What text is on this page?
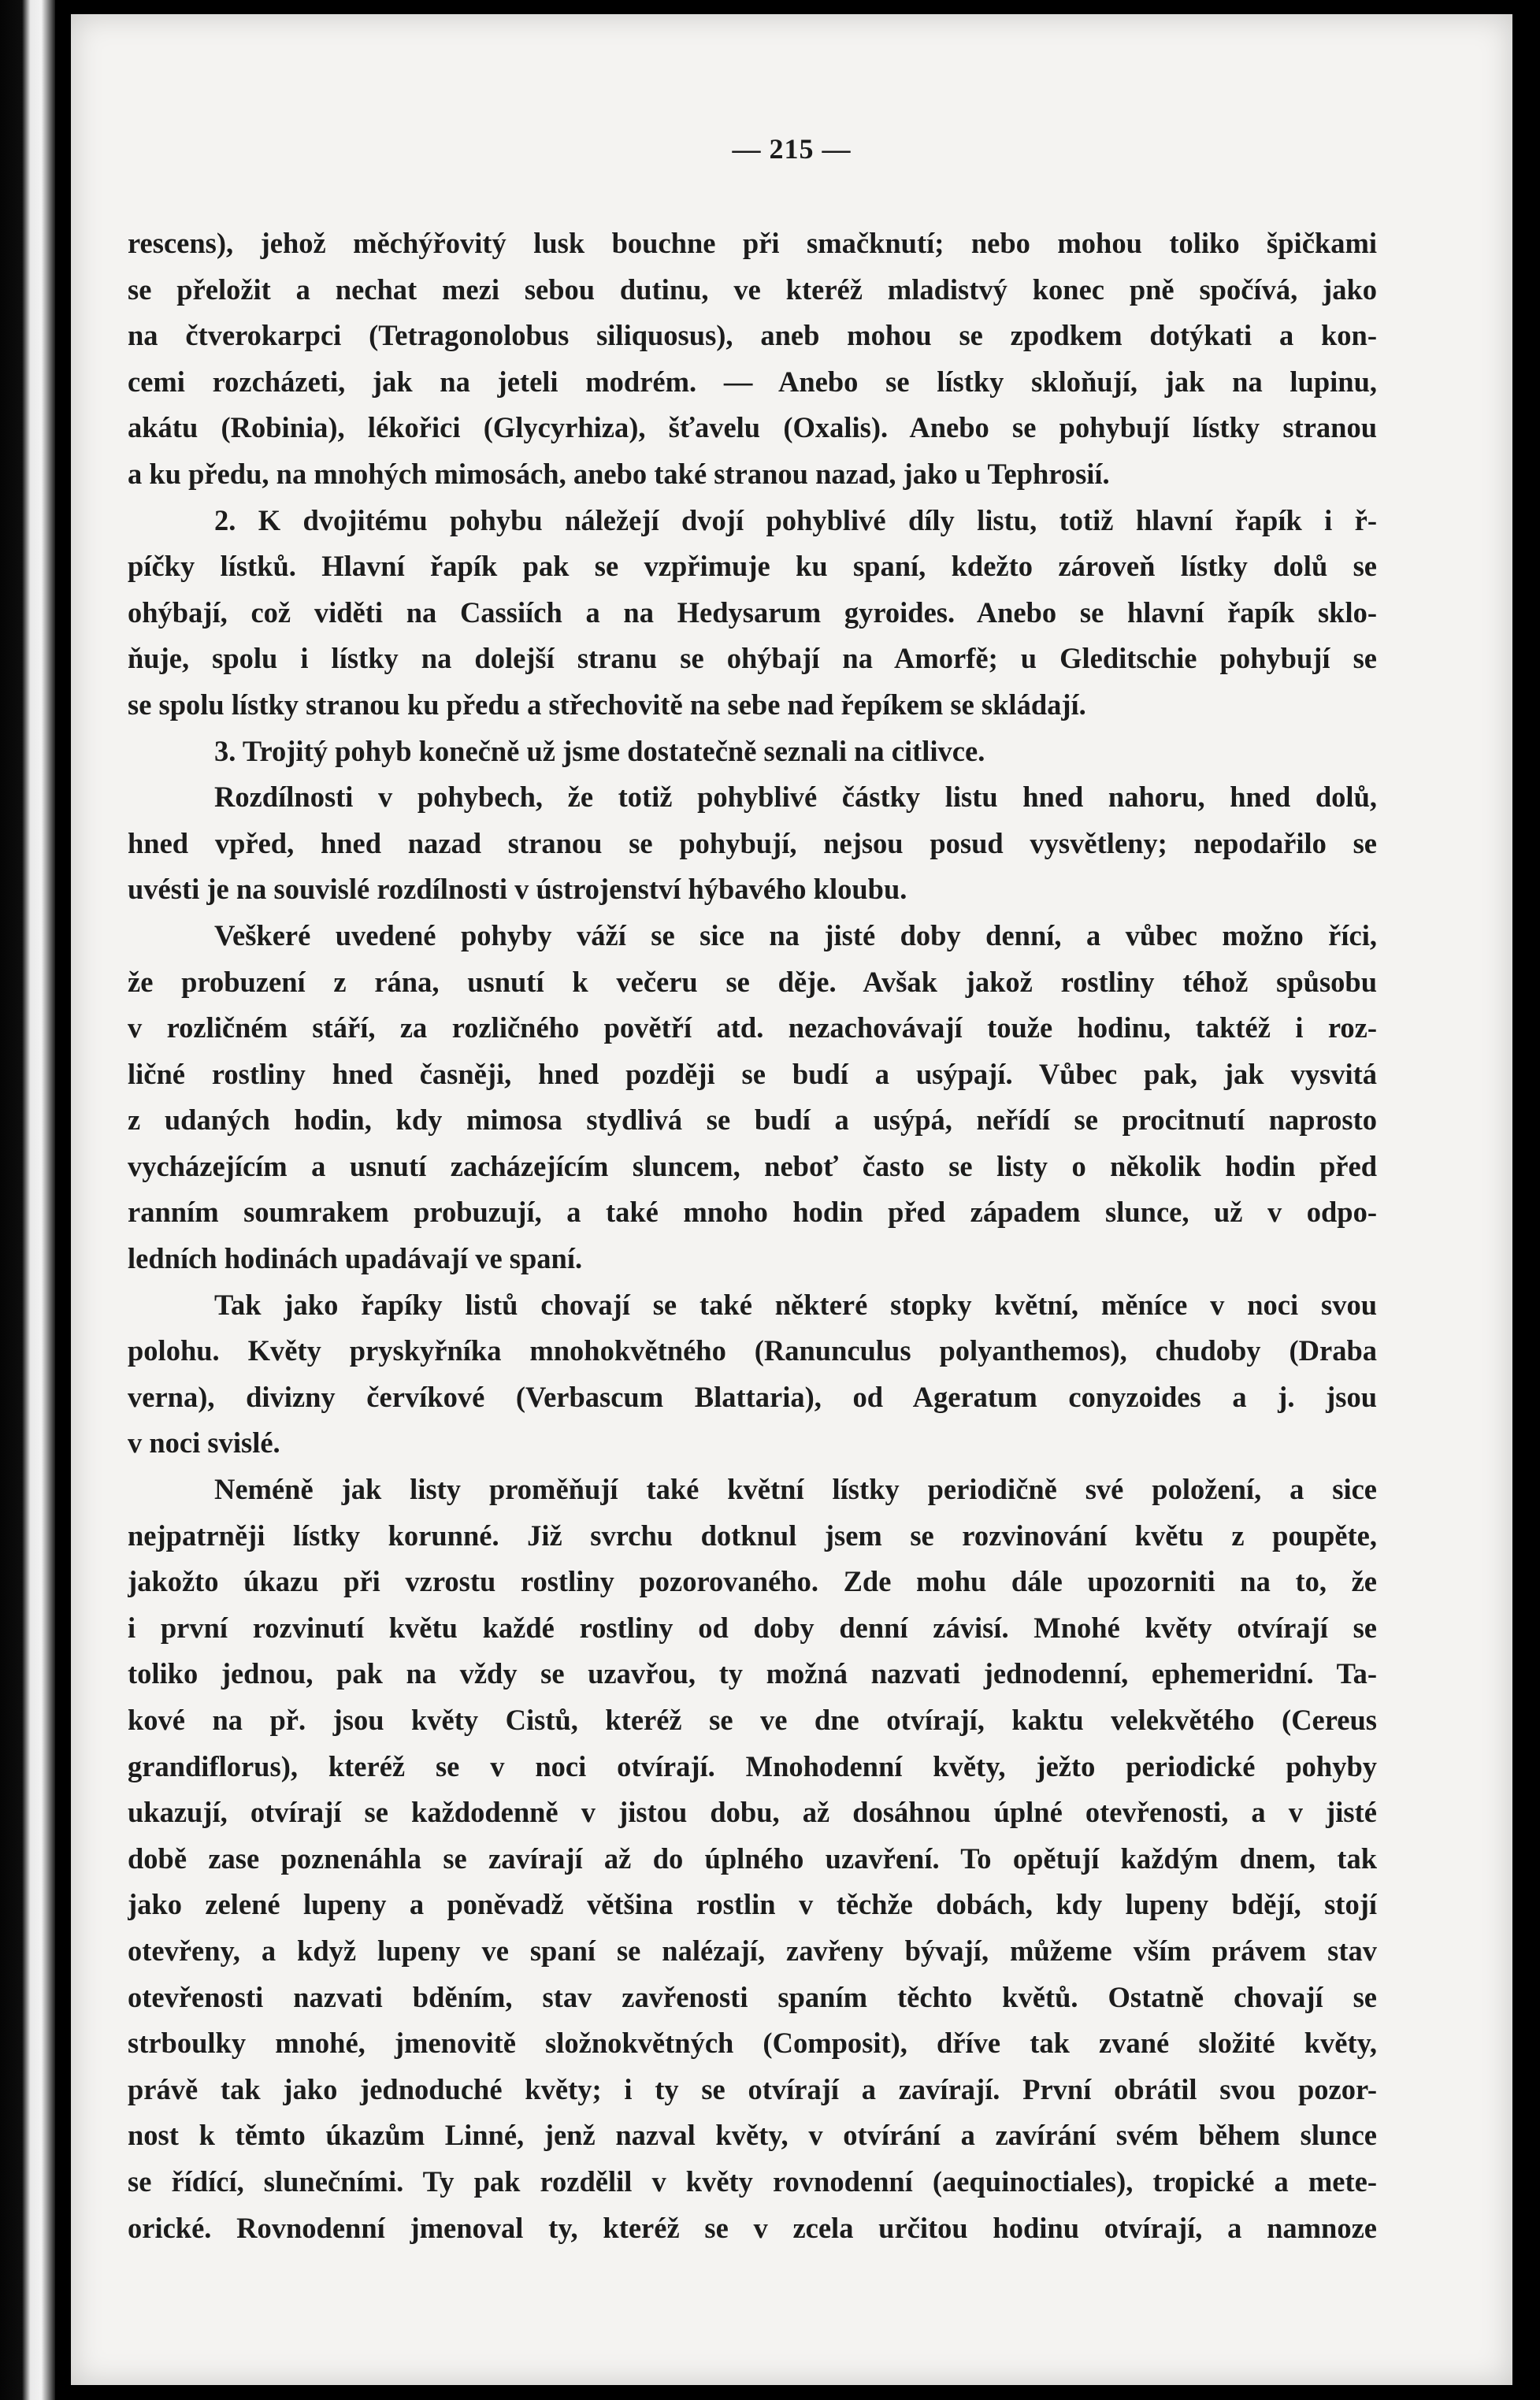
— 215 —
rescens), jehož měchýřovitý lusk bouchne při smačknutí; nebo mohou toliko špičkami
se přeložit a nechat mezi sebou dutinu, ve kteréž mladistvý konec pně spočívá, jako
na čtverokarpci (Tetragonolobus siliquosus), aneb mohou se zpodkem dotýkati a kon-
cemi rozcházeti, jak na jeteli modrém. — Anebo se lístky skloňují, jak na lupinu,
akátu (Robinia), lékořici (Glycyrhiza), šťavelu (Oxalis). Anebo se pohybují lístky stranou
a ku předu, na mnohých mimosách, anebo také stranou nazad, jako u Tephrosií.
2. K dvojitému pohybu náležejí dvojí pohyblivé díly listu, totiž hlavní řapík i ř-
píčky lístků. Hlavní řapík pak se vzpřimuje ku spaní, kdežto zároveň lístky dolů se
ohýbají, což viděti na Cassiích a na Hedysarum gyroides. Anebo se hlavní řapík sklo-
ňuje, spolu i lístky na dolejší stranu se ohýbají na Amorfě; u Gleditschie pohybují se
se spolu lístky stranou ku předu a střechovitě na sebe nad řepíkem se skládají.
3. Trojitý pohyb konečně už jsme dostatečně seznali na citlivce.
Rozdílnosti v pohybech, že totiž pohyblivé částky listu hned nahoru, hned dolů,
hned vpřed, hned nazad stranou se pohybují, nejsou posud vysvětleny; nepodařilo se
uvésti je na souvislé rozdílnosti v ústrojenství hýbavého kloubu.
Veškeré uvedené pohyby váží se sice na jisté doby denní, a vůbec možno říci,
že probuzení z rána, usnutí k večeru se děje. Avšak jakož rostliny téhož spůsobu
v rozličném stáří, za rozličného povětří atd. nezachovávají touže hodinu, taktéž i roz-
ličné rostliny hned časněji, hned později se budí a usýpají. Vůbec pak, jak vysvitá
z udaných hodin, kdy mimosa stydlivá se budí a usýpá, neřídí se procitnutí naprosto
vycházejícím a usnutí zacházejícím sluncem, neboť často se listy o několik hodin před
ranním soumrakem probuzují, a také mnoho hodin před západem slunce, už v odpo-
ledních hodinách upadávají ve spaní.
Tak jako řapíky listů chovají se také některé stopky květní, měníce v noci svou
polohu. Květy pryskyřníka mnohokvětného (Ranunculus polyanthemos), chudoby (Draba
verna), divizny červíkové (Verbascum Blattaria), od Ageratum conyzoides a j. jsou
v noci svislé.
Neméně jak listy proměňují také květní lístky periodičně své položení, a sice
nejpatrněji lístky korunné. Již svrchu dotknul jsem se rozvinování květu z poupěte,
jakožto úkazu při vzrostu rostliny pozorovaného. Zde mohu dále upozorniti na to, že
i první rozvinutí květu každé rostliny od doby denní závisí. Mnohé květy otvírají se
toliko jednou, pak na vždy se uzavřou, ty možná nazvati jednodenní, ephemeridní. Ta-
kové na př. jsou květy Cistů, kteréž se ve dne otvírají, kaktu velekvětého (Cereus
grandiflorus), kteréž se v noci otvírají. Mnohodenní květy, ježto periodické pohyby
ukazují, otvírají se každodenně v jistou dobu, až dosáhnou úplné otevřenosti, a v jisté
době zase poznenáhla se zavírají až do úplného uzavření. To opětují každým dnem, tak
jako zelené lupeny a poněvadž většina rostlin v těchže dobách, kdy lupeny bdějí, stojí
otevřeny, a když lupeny ve spaní se nalézají, zavřeny bývají, můžeme vším právem stav
otevřenosti nazvati bděním, stav zavřenosti spaním těchto květů. Ostatně chovají se
strboulky mnohé, jmenovitě složnokvětných (Composit), dříve tak zvané složité květy,
právě tak jako jednoduché květy; i ty se otvírají a zavírají. První obrátil svou pozor-
nost k těmto úkazům Linné, jenž nazval květy, v otvírání a zavírání svém během slunce
se řídící, slunečními. Ty pak rozdělil v květy rovnodenní (aequinoctiales), tropické a mete-
orické. Rovnodenní jmenoval ty, kteréž se v zcela určitou hodinu otvírají, a namnoze
